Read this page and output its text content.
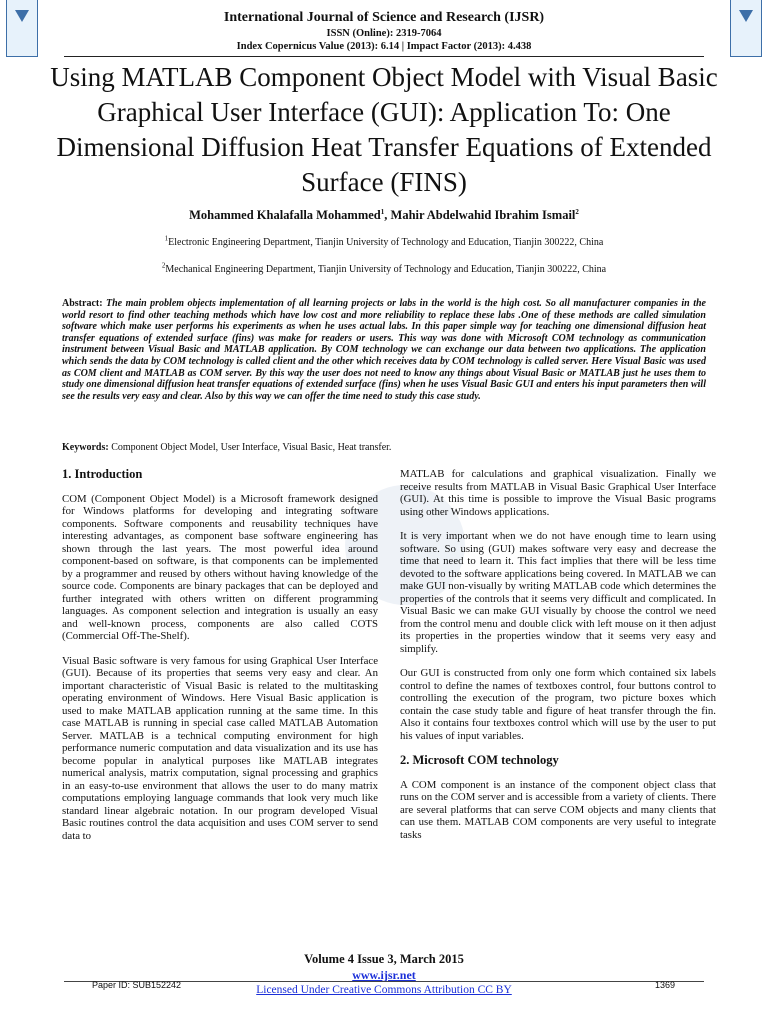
International Journal of Science and Research (IJSR)
ISSN (Online): 2319-7064
Index Copernicus Value (2013): 6.14 | Impact Factor (2013): 4.438
Using MATLAB Component Object Model with Visual Basic Graphical User Interface (GUI): Application To: One Dimensional Diffusion Heat Transfer Equations of Extended Surface (FINS)
Mohammed Khalafalla Mohammed$^1$, Mahir Abdelwahid Ibrahim Ismail$^2$
$^1$Electronic Engineering Department, Tianjin University of Technology and Education, Tianjin 300222, China
$^2$Mechanical Engineering Department, Tianjin University of Technology and Education, Tianjin 300222, China
Abstract: The main problem objects implementation of all learning projects or labs in the world is the high cost. So all manufacturer companies in the world resort to find other teaching methods which have low cost and more reliability to replace these labs .One of these methods are called simulation software which make user performs his experiments as when he uses actual labs. In this paper simple way for teaching one dimensional diffusion heat transfer equations of extended surface (fins) was make for readers or users. This way was done with Microsoft COM technology as communication instrument between Visual Basic and MATLAB application. By COM technology we can exchange our data between two applications. The application which sends the data by COM technology is called client and the other which receives data by COM technology is called server. Here Visual Basic was used as COM client and MATLAB as COM server. By this way the user does not need to know any things about Visual Basic or MATLAB just he uses them to study one dimensional diffusion heat transfer equations of extended surface (fins) when he uses Visual Basic GUI and enters his input parameters then will see the results very easy and clear. Also by this way we can offer the time need to study this case study.
Keywords: Component Object Model, User Interface, Visual Basic, Heat transfer.
1. Introduction

COM (Component Object Model) is a Microsoft framework designed for Windows platforms for developing and integrating software components. Software components and reusability techniques have interesting advantages, as component base software engineering has shown through the last years. The most powerful idea around component-based on software, is that components can be implemented by a programmer and reused by others without having knowledge of the source code. Components are binary packages that can be deployed and further integrated with others written on different programming languages. As component selection and integration is usually an easy and well-known process, components are also called COTS (Commercial Off-The-Shelf).

Visual Basic software is very famous for using Graphical User Interface (GUI). Because of its properties that seems very easy and clear. An important characteristic of Visual Basic is related to the multitasking operating environment of Windows. Here Visual Basic application is used to make MATLAB application running at the same time. In this case MATLAB is running in special case called MATLAB Automation Server. MATLAB is a technical computing environment for high performance numeric computation and data visualization and its use has become popular in analytical purposes like MATLAB integrates numerical analysis, matrix computation, signal processing and graphics in an easy-to-use environment that allows the user to do many matrix computations employing language commands that look very much like standard linear algebraic notation. In our program developed Visual Basic routines control the data acquisition and uses COM server to send data to

MATLAB for calculations and graphical visualization. Finally we receive results from MATLAB in Visual Basic Graphical User Interface (GUI). At this time is possible to improve the Visual Basic programs using other Windows applications.

It is very important when we do not have enough time to learn using software. So using (GUI) makes software very easy and decrease the time that need to learn it. This fact implies that there will be less time devoted to the software applications being covered. In MATLAB we can make GUI non-visually by writing MATLAB code which determines the properties of the controls that it seems very difficult and complicated. In Visual Basic we can make GUI visually by choose the control we need from the control menu and double click with left mouse on it then adjust its properties in the properties window that it seems very easy and simplify.

Our GUI is constructed from only one form which contained six labels control to define the names of textboxes control, four buttons control to controlling the execution of the program, two picture boxes which contain the case study table and figure of heat transfer through the fin. Also it contains four textboxes control which will use by the user to put his values of input variables.

2. Microsoft COM technology

A COM component is an instance of the component object class that runs on the COM server and is accessible from a variety of clients. There are several platforms that can serve COM objects and many clients that can use them. MATLAB COM components are very useful to integrate tasks

Volume 4 Issue 3, March 2015
www.ijsr.net
Paper ID: SUB152242	1369
Licensed Under Creative Commons Attribution CC BY
